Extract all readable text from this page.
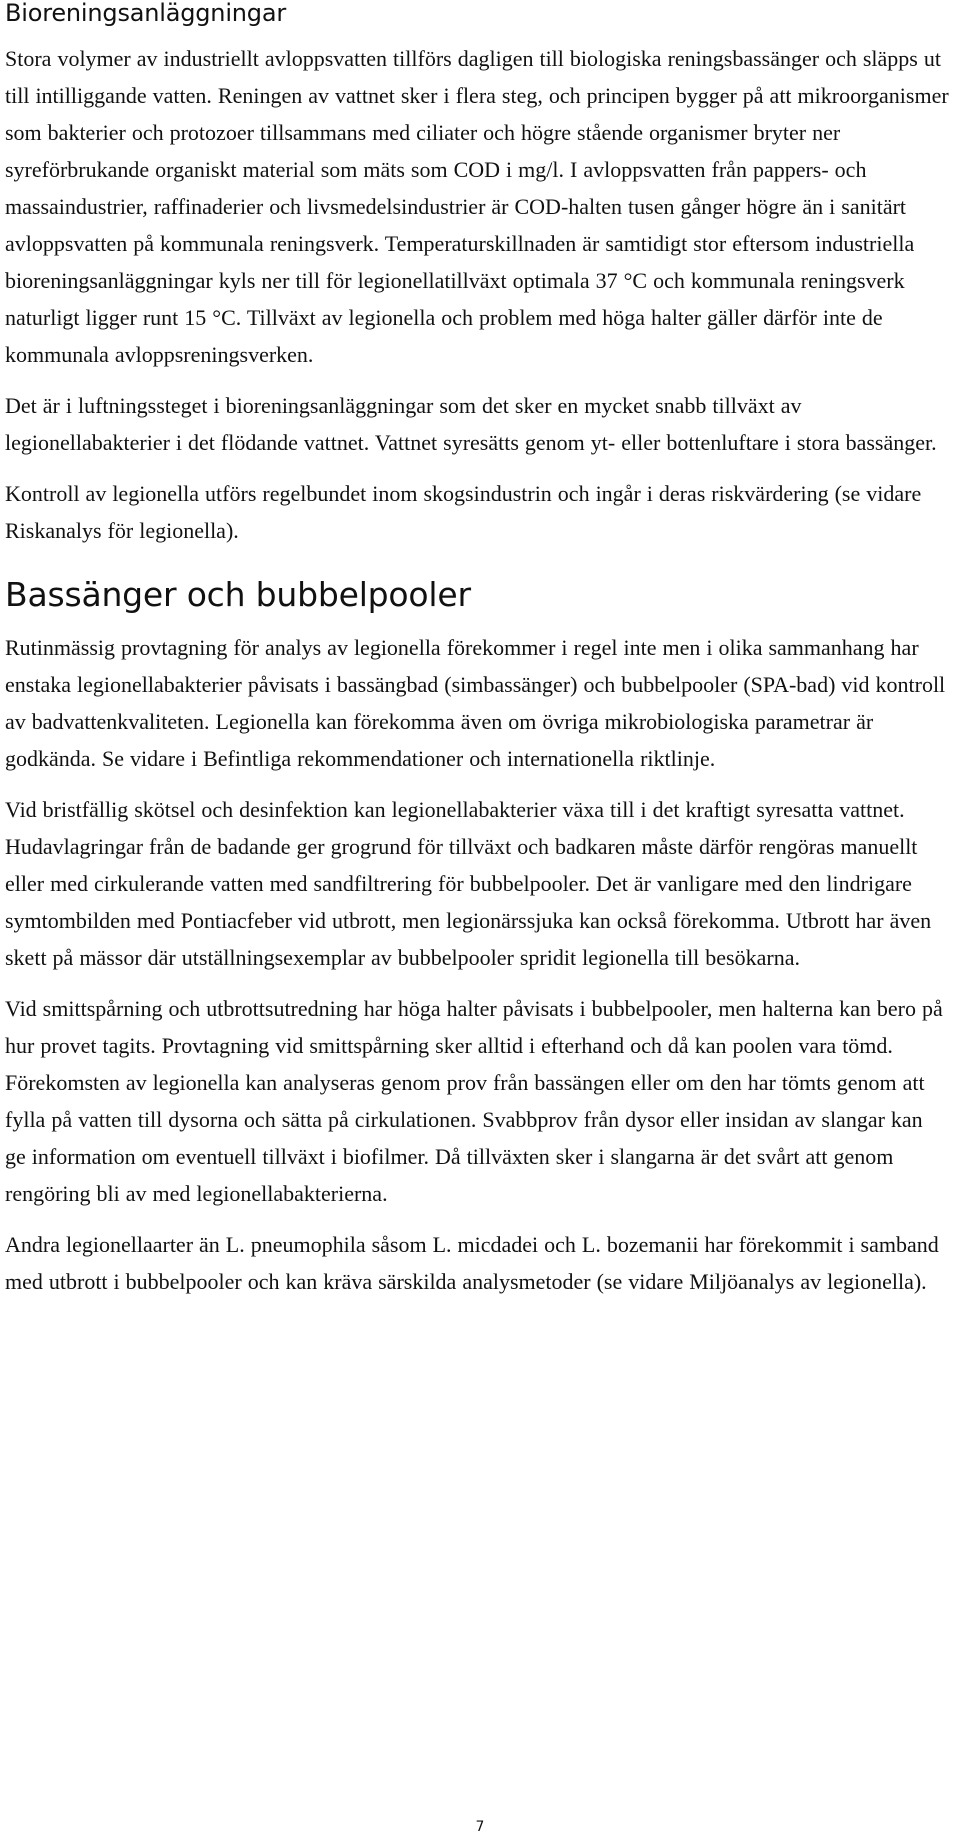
Bioreningsanläggningar

Stora volymer av industriellt avloppsvatten tillförs dagligen till biologiska reningsbassänger och släpps ut till intilliggande vatten. Reningen av vattnet sker i flera steg, och principen bygger på att mikroorganismer som bakterier och protozoer tillsammans med ciliater och högre stående organismer bryter ner syreförbrukande organiskt material som mäts som COD i mg/l. I avloppsvatten från pappers- och massaindustrier, raffinaderier och livsmedelsindustrier är COD-halten tusen gånger högre än i sanitärt avloppsvatten på kommunala reningsverk. Temperaturskillnaden är samtidigt stor eftersom industriella bioreningsanläggningar kyls ner till för legionellatillväxt optimala 37 °C och kommunala reningsverk naturligt ligger runt 15 °C. Tillväxt av legionella och problem med höga halter gäller därför inte de kommunala avloppsreningsverken.

Det är i luftningssteget i bioreningsanläggningar som det sker en mycket snabb tillväxt av legionellabakterier i det flödande vattnet. Vattnet syresätts genom yt- eller bottenluftare i stora bassänger.

Kontroll av legionella utförs regelbundet inom skogsindustrin och ingår i deras riskvärdering (se vidare Riskanalys för legionella).

Bassänger och bubbelpooler

Rutinmässig provtagning för analys av legionella förekommer i regel inte men i olika sammanhang har enstaka legionellabakterier påvisats i bassängbad (simbassänger) och bubbelpooler (SPA-bad) vid kontroll av badvattenkvaliteten. Legionella kan förekomma även om övriga mikrobiologiska parametrar är godkända. Se vidare i Befintliga rekommendationer och internationella riktlinje.

Vid bristfällig skötsel och desinfektion kan legionellabakterier växa till i det kraftigt syresatta vattnet. Hudavlagringar från de badande ger grogrund för tillväxt och badkaren måste därför rengöras manuellt eller med cirkulerande vatten med sandfiltrering för bubbelpooler. Det är vanligare med den lindrigare symtombilden med Pontiacfeber vid utbrott, men legionärssjuka kan också förekomma. Utbrott har även skett på mässor där utställningsexemplar av bubbelpooler spridit legionella till besökarna.

Vid smittspårning och utbrottsutredning har höga halter påvisats i bubbelpooler, men halterna kan bero på hur provet tagits. Provtagning vid smittspårning sker alltid i efterhand och då kan poolen vara tömd. Förekomsten av legionella kan analyseras genom prov från bassängen eller om den har tömts genom att fylla på vatten till dysorna och sätta på cirkulationen. Svabbprov från dysor eller insidan av slangar kan ge information om eventuell tillväxt i biofilmer. Då tillväxten sker i slangarna är det svårt att genom rengöring bli av med legionellabakterierna.

Andra legionellaarter än L. pneumophila såsom L. micdadei och L. bozemanii har förekommit i samband med utbrott i bubbelpooler och kan kräva särskilda analysmetoder (se vidare Miljöanalys av legionella).

7
